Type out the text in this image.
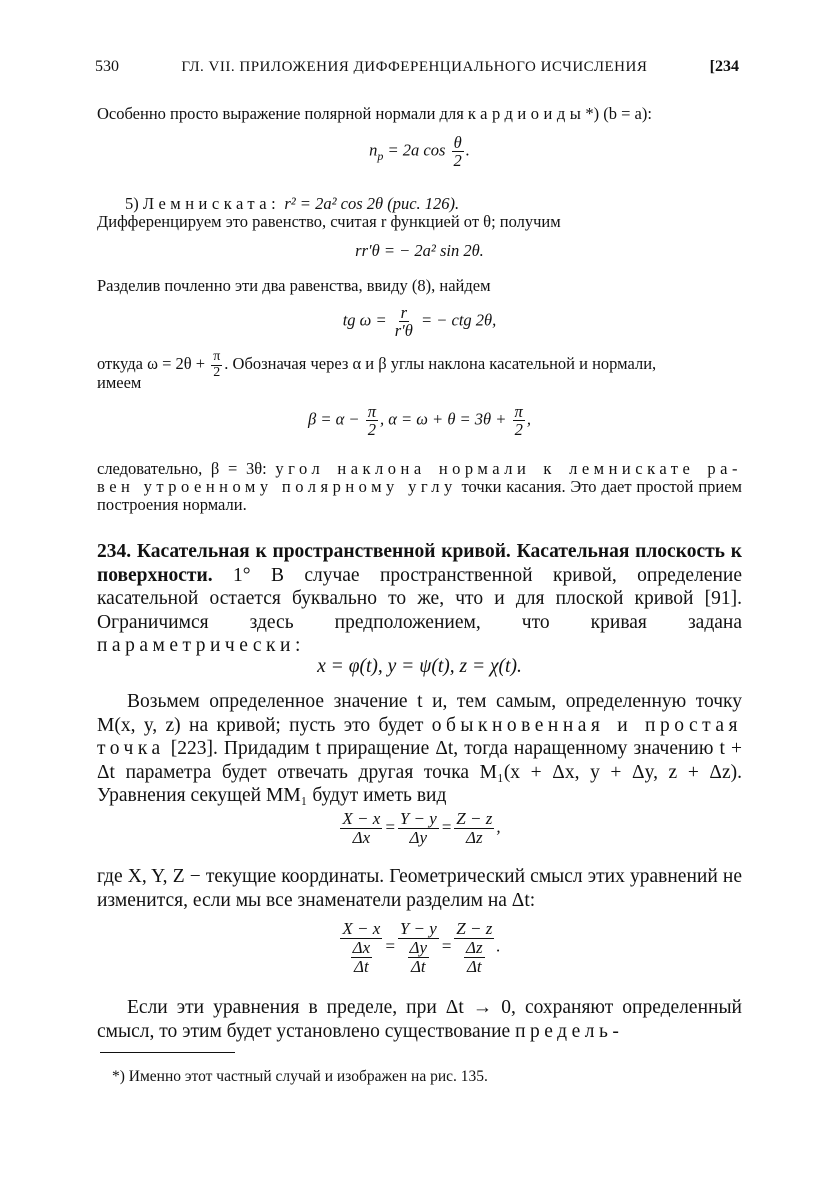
530	ГЛ. VII. ПРИЛОЖЕНИЯ ДИФФЕРЕНЦИАЛЬНОГО ИСЧИСЛЕНИЯ	[234
Особенно просто выражение полярной нормали для кардиоиды*) (b = a):
$n_p = 2a$ $\cos \frac{\theta}{2}$ .
5) Лемниската: r² = 2a² cos 2θ (рис. 126).
Дифференцируем это равенство, считая r функцией от θ; получим
rr′θ = − 2a² sin 2θ.
Разделив почленно эти два равенства, ввиду (8), найдем
tg $\omega = \frac{r}{r'\theta}$ = − ctg 2θ,
откуда $\omega = 2\theta + \frac{\pi}{2}$ . Обозначая через α и β углы наклона касательной и нормали,
имеем
$\beta = \alpha - \frac{\pi}{2}$ , $\alpha = \omega + \theta = 3\theta + \frac{\pi}{2}$ ,
следовательно, β = 3θ: угол наклона нормали к лемнискате ра- вен утроенному полярному углу точки касания. Это дает простой прием построения нормали.
234. Касательная к пространственной кривой. Касательная плоскость к поверхности. 1° В случае пространственной кривой, определение касательной остается буквально то же, что и для плоской кривой [91]. Ограничимся здесь предположением, что кривая задана параметрически:
x = φ(t), y = ψ(t), z = χ(t).
Возьмем определенное значение t и, тем самым, определенную точку M(x, y, z) на кривой; пусть это будет обыкновенная и простая точка [223]. Придадим t приращение Δt, тогда наращенному значению t + Δt параметра будет отвечать другая точка M₁(x + Δx, y + Δy, z + Δz). Уравнения секущей MM₁ будут иметь вид
$\frac{X - x}{\Delta x} = \frac{Y - y}{\Delta y} = \frac{Z - z}{\Delta z}$ ,
где X, Y, Z − текущие координаты. Геометрический смысл этих уравнений не изменится, если мы все знаменатели разделим на Δt:
$\frac{X - x}{\frac{\Delta x}{\Delta t}} = \frac{Y - y}{\frac{\Delta y}{\Delta t}} = \frac{Z - z}{\frac{\Delta z}{\Delta t}}$ .
Если эти уравнения в пределе, при Δt → 0, сохраняют определенный смысл, то этим будет установлено существование предель-
*) Именно этот частный случай и изображен на рис. 135.
